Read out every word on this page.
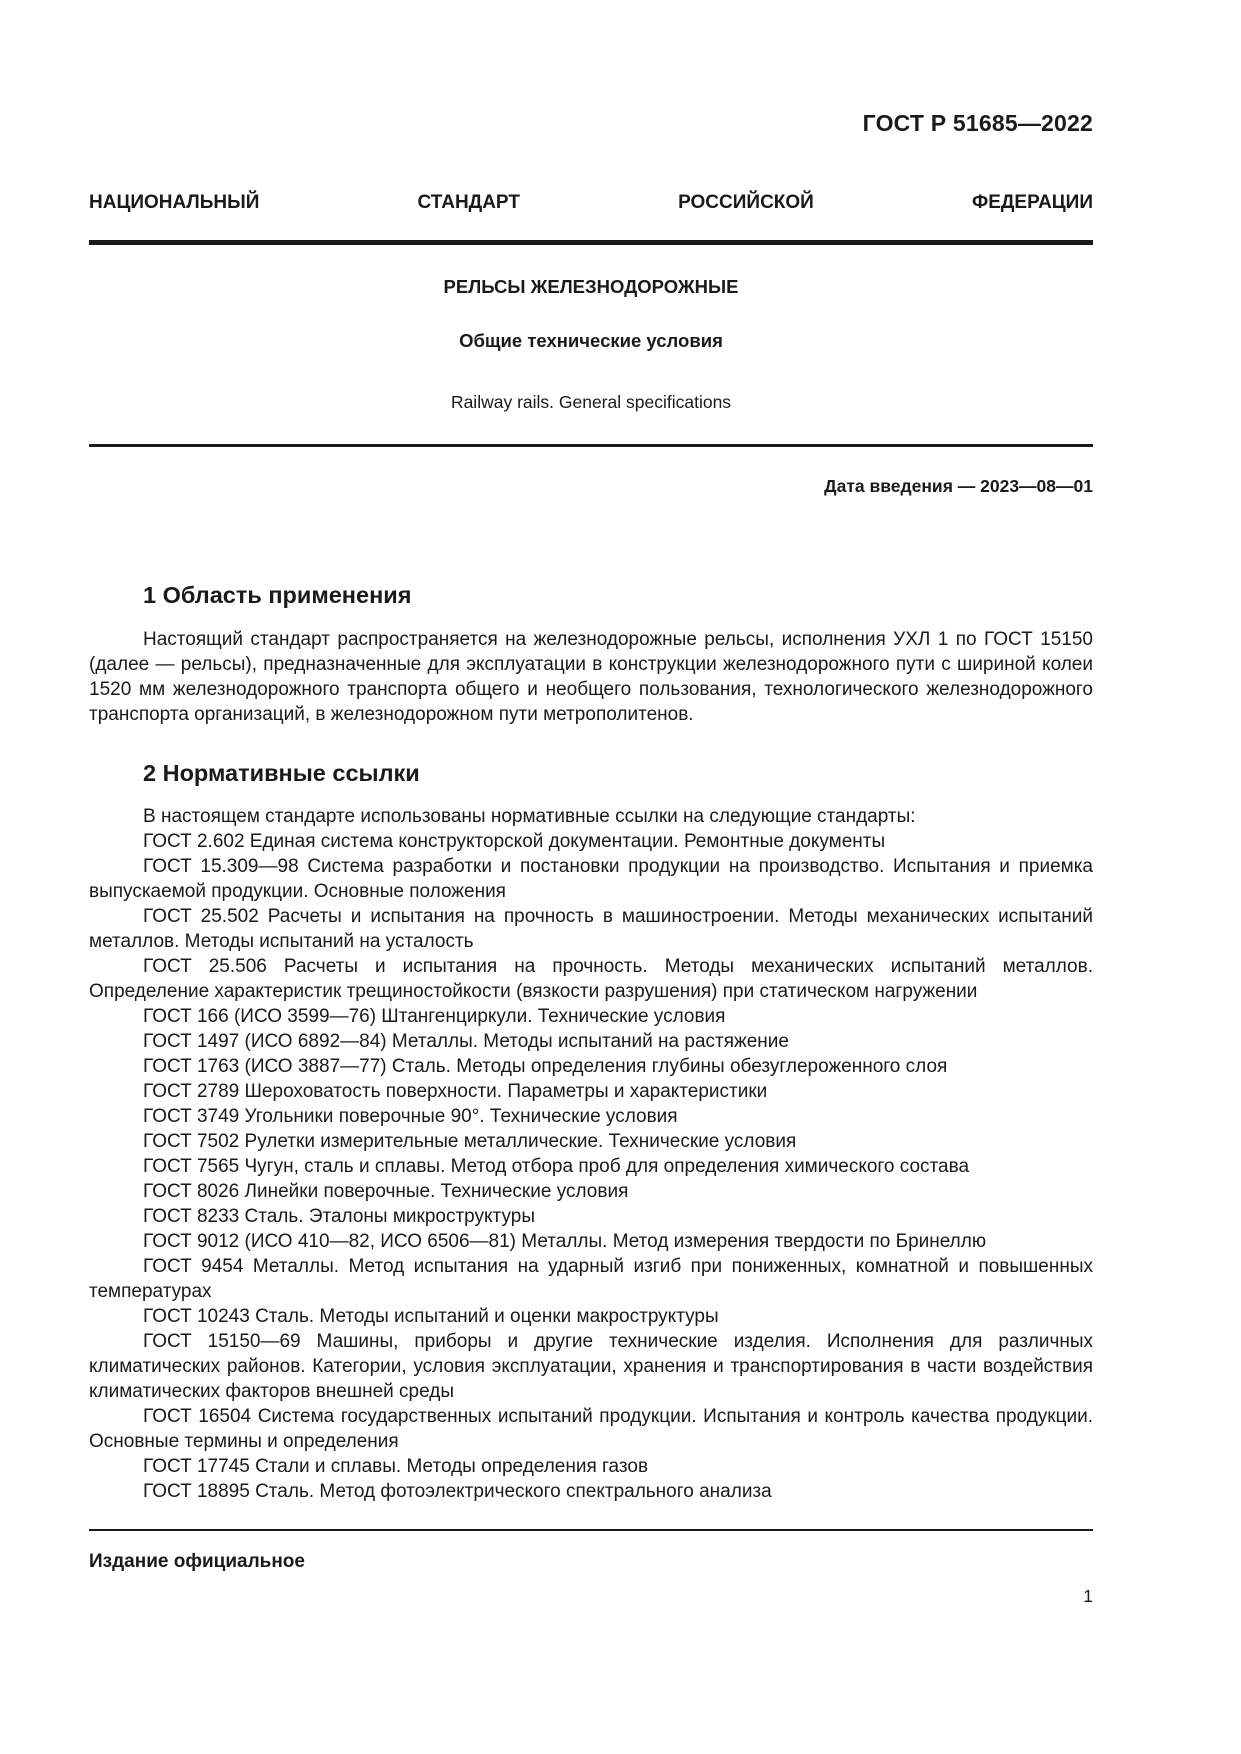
ГОСТ Р 51685—2022
НАЦИОНАЛЬНЫЙ СТАНДАРТ РОССИЙСКОЙ ФЕДЕРАЦИИ
РЕЛЬСЫ ЖЕЛЕЗНОДОРОЖНЫЕ
Общие технические условия
Railway rails. General specifications
Дата введения — 2023—08—01
1 Область применения

Настоящий стандарт распространяется на железнодорожные рельсы, исполнения УХЛ 1 по ГОСТ 15150 (далее — рельсы), предназначенные для эксплуатации в конструкции железнодорожного пути с шириной колеи 1520 мм железнодорожного транспорта общего и необщего пользования, технологического железнодорожного транспорта организаций, в железнодорожном пути метрополитенов.

2 Нормативные ссылки

В настоящем стандарте использованы нормативные ссылки на следующие стандарты:

ГОСТ 2.602 Единая система конструкторской документации. Ремонтные документы

ГОСТ 15.309—98 Система разработки и постановки продукции на производство. Испытания и приемка выпускаемой продукции. Основные положения

ГОСТ 25.502 Расчеты и испытания на прочность в машиностроении. Методы механических испытаний металлов. Методы испытаний на усталость

ГОСТ 25.506 Расчеты и испытания на прочность. Методы механических испытаний металлов. Определение характеристик трещиностойкости (вязкости разрушения) при статическом нагружении

ГОСТ 166 (ИСО 3599—76) Штангенциркули. Технические условия

ГОСТ 1497 (ИСО 6892—84) Металлы. Методы испытаний на растяжение

ГОСТ 1763 (ИСО 3887—77) Сталь. Методы определения глубины обезуглероженного слоя

ГОСТ 2789 Шероховатость поверхности. Параметры и характеристики

ГОСТ 3749 Угольники поверочные 90°. Технические условия

ГОСТ 7502 Рулетки измерительные металлические. Технические условия

ГОСТ 7565 Чугун, сталь и сплавы. Метод отбора проб для определения химического состава

ГОСТ 8026 Линейки поверочные. Технические условия

ГОСТ 8233 Сталь. Эталоны микроструктуры

ГОСТ 9012 (ИСО 410—82, ИСО 6506—81) Металлы. Метод измерения твердости по Бринеллю

ГОСТ 9454 Металлы. Метод испытания на ударный изгиб при пониженных, комнатной и повышенных температурах

ГОСТ 10243 Сталь. Методы испытаний и оценки макроструктуры

ГОСТ 15150—69 Машины, приборы и другие технические изделия. Исполнения для различных климатических районов. Категории, условия эксплуатации, хранения и транспортирования в части воздействия климатических факторов внешней среды

ГОСТ 16504 Система государственных испытаний продукции. Испытания и контроль качества продукции. Основные термины и определения

ГОСТ 17745 Стали и сплавы. Методы определения газов

ГОСТ 18895 Сталь. Метод фотоэлектрического спектрального анализа

Издание официальное
1
